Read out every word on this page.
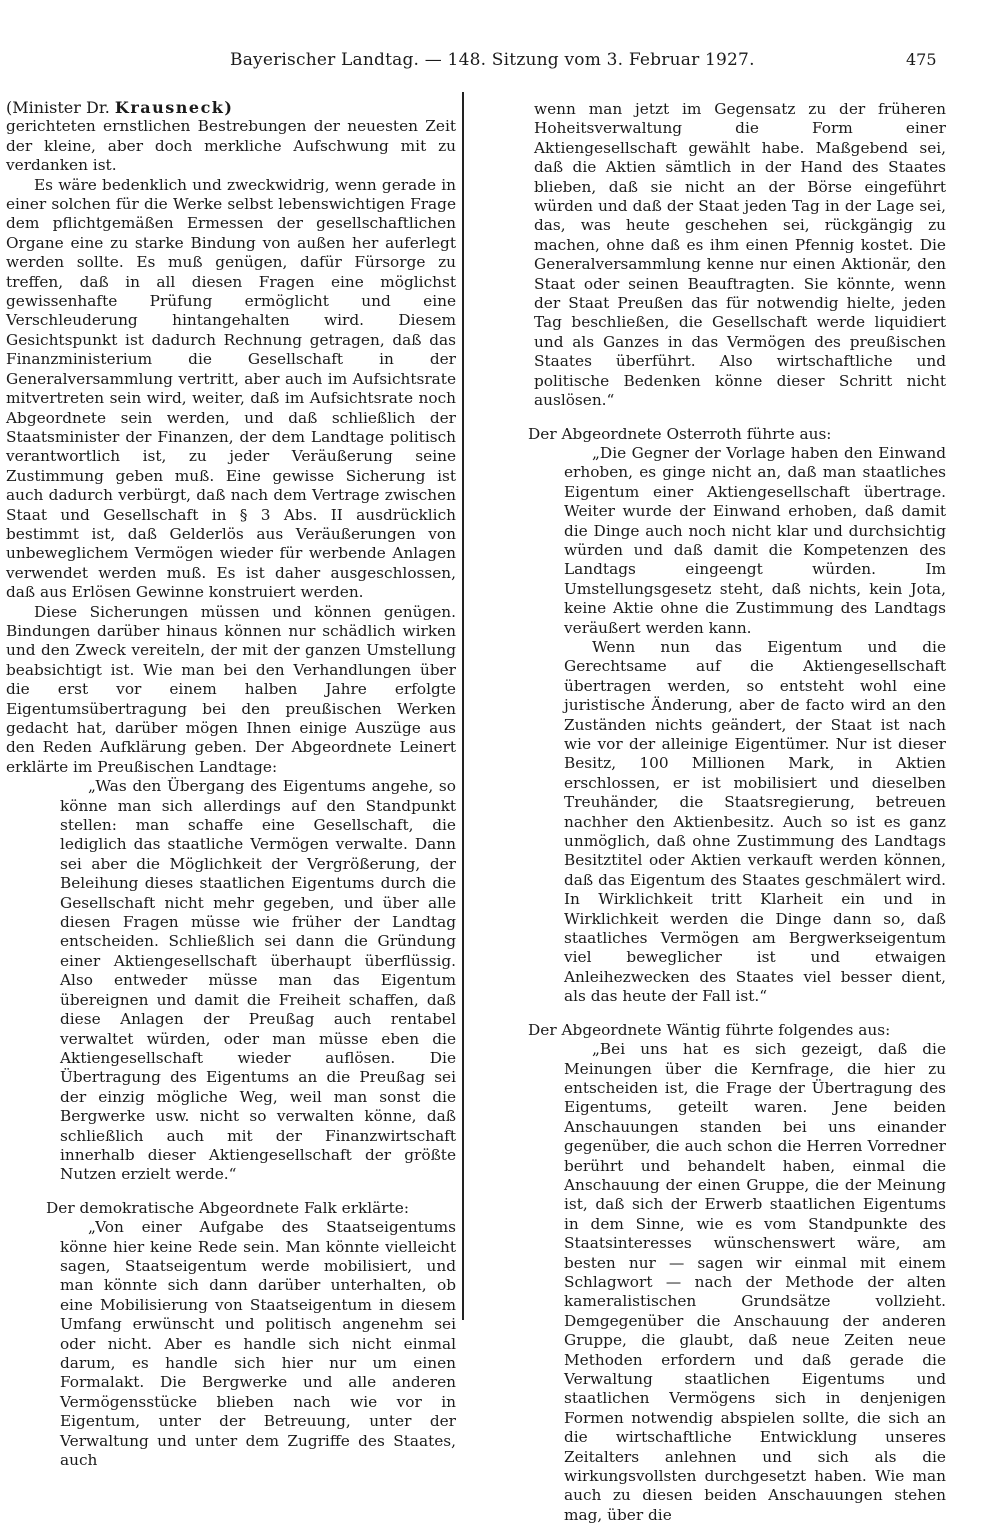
Bayerischer Landtag. — 148. Sitzung vom 3. Februar 1927.	475

(Minister Dr. Krausneck)

gerichteten ernstlichen Bestrebungen der neuesten Zeit der kleine, aber doch merkliche Aufschwung mit zu verdanken ist.

Es wäre bedenklich und zweckwidrig, wenn gerade in einer solchen für die Werke selbst lebenswichtigen Frage dem pflichtgemäßen Ermessen der gesellschaftlichen Organe eine zu starke Bindung von außen her auferlegt werden sollte. Es muß genügen, dafür Fürsorge zu treffen, daß in all diesen Fragen eine möglichst gewissenhafte Prüfung ermöglicht und eine Verschleuderung hintangehalten wird. Diesem Gesichtspunkt ist dadurch Rechnung getragen, daß das Finanzministerium die Gesellschaft in der Generalversammlung vertritt, aber auch im Aufsichtsrate mitvertreten sein wird, weiter, daß im Aufsichtsrate noch Abgeordnete sein werden, und daß schließlich der Staatsminister der Finanzen, der dem Landtage politisch verantwortlich ist, zu jeder Veräußerung seine Zustimmung geben muß. Eine gewisse Sicherung ist auch dadurch verbürgt, daß nach dem Vertrage zwischen Staat und Gesellschaft in § 3 Abs. II ausdrücklich bestimmt ist, daß Gelderlös aus Veräußerungen von unbeweglichem Vermögen wieder für werbende Anlagen verwendet werden muß. Es ist daher ausgeschlossen, daß aus Erlösen Gewinne konstruiert werden.

Diese Sicherungen müssen und können genügen. Bindungen darüber hinaus können nur schädlich wirken und den Zweck vereiteln, der mit der ganzen Umstellung beabsichtigt ist. Wie man bei den Verhandlungen über die erst vor einem halben Jahre erfolgte Eigentumsübertragung bei den preußischen Werken gedacht hat, darüber mögen Ihnen einige Auszüge aus den Reden Aufklärung geben. Der Abgeordnete Leinert erklärte im Preußischen Landtage:

„Was den Übergang des Eigentums angehe, so könne man sich allerdings auf den Standpunkt stellen: man schaffe eine Gesellschaft, die lediglich das staatliche Vermögen verwalte. Dann sei aber die Möglichkeit der Vergrößerung, der Beleihung dieses staatlichen Eigentums durch die Gesellschaft nicht mehr gegeben, und über alle diesen Fragen müsse wie früher der Landtag entscheiden. Schließlich sei dann die Gründung einer Aktiengesellschaft überhaupt überflüssig. Also entweder müsse man das Eigentum übereignen und damit die Freiheit schaffen, daß diese Anlagen der Preußag auch rentabel verwaltet würden, oder man müsse eben die Aktiengesellschaft wieder auflösen. Die Übertragung des Eigentums an die Preußag sei der einzig mögliche Weg, weil man sonst die Bergwerke usw. nicht so verwalten könne, daß schließlich auch mit der Finanzwirtschaft innerhalb dieser Aktiengesellschaft der größte Nutzen erzielt werde.“

Der demokratische Abgeordnete Falk erklärte:

„Von einer Aufgabe des Staatseigentums könne hier keine Rede sein. Man könnte vielleicht sagen, Staatseigentum werde mobilisiert, und man könnte sich dann darüber unterhalten, ob eine Mobilisierung von Staatseigentum in diesem Umfang erwünscht und politisch angenehm sei oder nicht. Aber es handle sich nicht einmal darum, es handle sich hier nur um einen Formalakt. Die Bergwerke und alle anderen Vermögensstücke blieben nach wie vor in Eigentum, unter der Betreuung, unter der Verwaltung und unter dem Zugriffe des Staates, auch

wenn man jetzt im Gegensatz zu der früheren Hoheitsverwaltung die Form einer Aktiengesellschaft gewählt habe. Maßgebend sei, daß die Aktien sämtlich in der Hand des Staates blieben, daß sie nicht an der Börse eingeführt würden und daß der Staat jeden Tag in der Lage sei, das, was heute geschehen sei, rückgängig zu machen, ohne daß es ihm einen Pfennig kostet. Die Generalversammlung kenne nur einen Aktionär, den Staat oder seinen Beauftragten. Sie könnte, wenn der Staat Preußen das für notwendig hielte, jeden Tag beschließen, die Gesellschaft werde liquidiert und als Ganzes in das Vermögen des preußischen Staates überführt. Also wirtschaftliche und politische Bedenken könne dieser Schritt nicht auslösen.“

Der Abgeordnete Osterroth führte aus:

„Die Gegner der Vorlage haben den Einwand erhoben, es ginge nicht an, daß man staatliches Eigentum einer Aktiengesellschaft übertrage. Weiter wurde der Einwand erhoben, daß damit die Dinge auch noch nicht klar und durchsichtig würden und daß damit die Kompetenzen des Landtags eingeengt würden. Im Umstellungsgesetz steht, daß nichts, kein Jota, keine Aktie ohne die Zustimmung des Landtags veräußert werden kann.

Wenn nun das Eigentum und die Gerechtsame auf die Aktiengesellschaft übertragen werden, so entsteht wohl eine juristische Änderung, aber de facto wird an den Zuständen nichts geändert, der Staat ist nach wie vor der alleinige Eigentümer. Nur ist dieser Besitz, 100 Millionen Mark, in Aktien erschlossen, er ist mobilisiert und dieselben Treuhänder, die Staatsregierung, betreuen nachher den Aktienbesitz. Auch so ist es ganz unmöglich, daß ohne Zustimmung des Landtags Besitztitel oder Aktien verkauft werden können, daß das Eigentum des Staates geschmälert wird. In Wirklichkeit tritt Klarheit ein und in Wirklichkeit werden die Dinge dann so, daß staatliches Vermögen am Bergwerkseigentum viel beweglicher ist und etwaigen Anleihezwecken des Staates viel besser dient, als das heute der Fall ist.“

Der Abgeordnete Wäntig führte folgendes aus:

„Bei uns hat es sich gezeigt, daß die Meinungen über die Kernfrage, die hier zu entscheiden ist, die Frage der Übertragung des Eigentums, geteilt waren. Jene beiden Anschauungen standen bei uns einander gegenüber, die auch schon die Herren Vorredner berührt und behandelt haben, einmal die Anschauung der einen Gruppe, die der Meinung ist, daß sich der Erwerb staatlichen Eigentums in dem Sinne, wie es vom Standpunkte des Staatsinteresses wünschenswert wäre, am besten nur — sagen wir einmal mit einem Schlagwort — nach der Methode der alten kameralistischen Grundsätze vollzieht. Demgegenüber die Anschauung der anderen Gruppe, die glaubt, daß neue Zeiten neue Methoden erfordern und daß gerade die Verwaltung staatlichen Eigentums und staatlichen Vermögens sich in denjenigen Formen notwendig abspielen sollte, die sich an die wirtschaftliche Entwicklung unseres Zeitalters anlehnen und sich als die wirkungsvollsten durchgesetzt haben. Wie man auch zu diesen beiden Anschauungen stehen mag, über die
